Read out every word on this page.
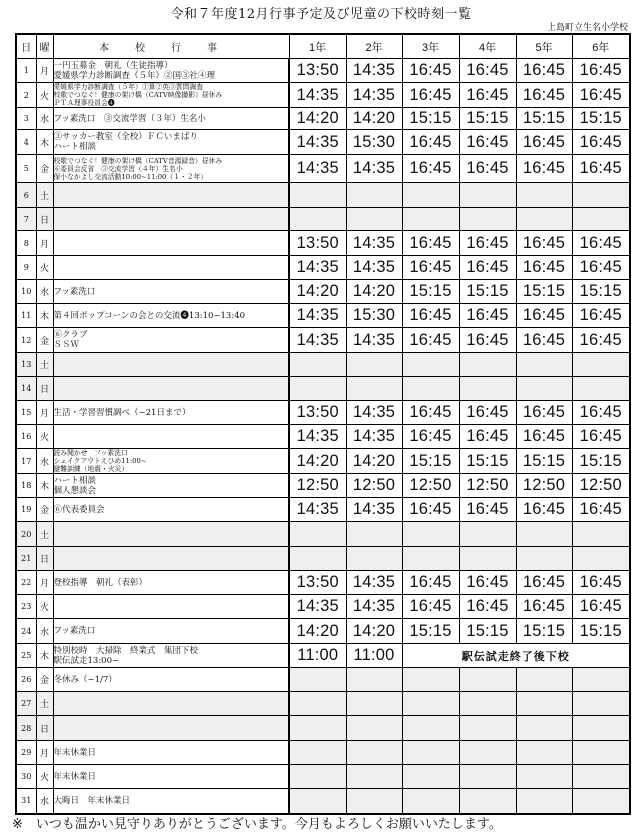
令和７年度12月行事予定及び児童の下校時刻一覧
上島町立生名小学校
日	曜	本校行事	1年	2年	3年	4年	5年	6年
1	月	一円玉募金　朝礼（生徒指導）
愛媛県学力診断調査（５年）②国③社④理	13:50	14:35	16:45	16:45	16:45	16:45
2	火	愛媛県学力診断調査（５年）①算②英③質問調査
校歌でつなぐ！健康の架け橋（CATV映像撮影）昼休み
ＰＴＡ理事役員会❹	14:35	14:35	16:45	16:45	16:45	16:45
3	水	フッ素洗口　③交流学習（３年）生名小	14:20	14:20	15:15	15:15	15:15	15:15
4	木	③サッカー教室（全校）ＦＣいまばり
ハート相談	14:35	15:30	16:45	16:45	16:45	16:45
5	金	校歌でつなぐ！健康の架け橋（CATV音源録音）昼休み
⑥委員会反省　③交流学習（４年）生名小
保小なかよし交流活動10:00~11:00（１・２年）	14:35	14:35	16:45	16:45	16:45	16:45
6	土							
7	日							
8	月		13:50	14:35	16:45	16:45	16:45	16:45
9	火		14:35	14:35	16:45	16:45	16:45	16:45
10	水	フッ素洗口	14:20	14:20	15:15	15:15	15:15	15:15
11	木	第４回ポップコーンの会との交流❹13:10~13:40	14:35	15:30	16:45	16:45	16:45	16:45
12	金	⑥クラブ
ＳＳＷ	14:35	14:35	16:45	16:45	16:45	16:45
13	土							
14	日							
15	月	生活・学習習慣調べ（~21日まで）	13:50	14:35	16:45	16:45	16:45	16:45
16	火		14:35	14:35	16:45	16:45	16:45	16:45
17	水	読み聞かせ　フッ素洗口
シェイクアウトえひめ11:00~
避難訓練（地震・火災）	14:20	14:20	15:15	15:15	15:15	15:15
18	木	ハート相談
個人懇談会	12:50	12:50	12:50	12:50	12:50	12:50
19	金	⑥代表委員会	14:35	14:35	16:45	16:45	16:45	16:45
20	土							
21	日							
22	月	登校指導　朝礼（表彰）	13:50	14:35	16:45	16:45	16:45	16:45
23	火		14:35	14:35	16:45	16:45	16:45	16:45
24	水	フッ素洗口	14:20	14:20	15:15	15:15	15:15	15:15
25	木	特別校時　大掃除　終業式　集団下校
駅伝試走13:00~	11:00	11:00	駅伝試走終了後下校			
26	金	冬休み（~1/7）						

27	土							
28	日							
29	月	年末休業日						

30	火	年末休業日						

31	水	大晦日　年末休業日						

※　いつも温かい見守りありがとうございます。今月もよろしくお願いいたします。
